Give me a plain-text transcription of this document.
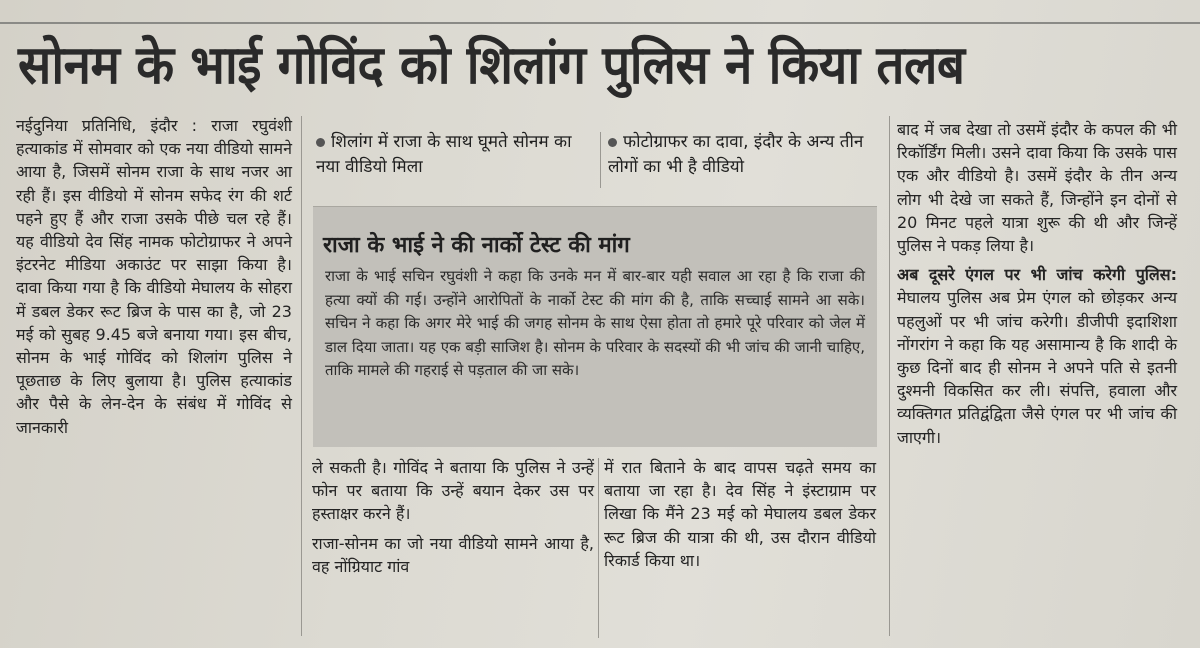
सोनम के भाई गोविंद को शिलांग पुलिस ने किया तलब
नईदुनिया प्रतिनिधि, इंदौर : राजा रघुवंशी हत्याकांड में सोमवार को एक नया वीडियो सामने आया है, जिसमें सोनम राजा के साथ नजर आ रही हैं। इस वीडियो में सोनम सफेद रंग की शर्ट पहने हुए हैं और राजा उसके पीछे चल रहे हैं। यह वीडियो देव सिंह नामक फोटोग्राफर ने अपने इंटरनेट मीडिया अकाउंट पर साझा किया है। दावा किया गया है कि वीडियो मेघालय के सोहरा में डबल डेकर रूट ब्रिज के पास का है, जो 23 मई को सुबह 9.45 बजे बनाया गया। इस बीच, सोनम के भाई गोविंद को शिलांग पुलिस ने पूछताछ के लिए बुलाया है। पुलिस हत्याकांड और पैसे के लेन-देन के संबंध में गोविंद से जानकारी
शिलांग में राजा के साथ घूमते सोनम का नया वीडियो मिला
फोटोग्राफर का दावा, इंदौर के अन्य तीन लोगों का भी है वीडियो
राजा के भाई ने की नार्को टेस्ट की मांग
राजा के भाई सचिन रघुवंशी ने कहा कि उनके मन में बार-बार यही सवाल आ रहा है कि राजा की हत्या क्यों की गई। उन्होंने आरोपितों के नार्को टेस्ट की मांग की है, ताकि सच्चाई सामने आ सके। सचिन ने कहा कि अगर मेरे भाई की जगह सोनम के साथ ऐसा होता तो हमारे पूरे परिवार को जेल में डाल दिया जाता। यह एक बड़ी साजिश है। सोनम के परिवार के सदस्यों की भी जांच की जानी चाहिए, ताकि मामले की गहराई से पड़ताल की जा सके।
ले सकती है। गोविंद ने बताया कि पुलिस ने उन्हें फोन पर बताया कि उन्हें बयान देकर उस पर हस्ताक्षर करने हैं।
राजा-सोनम का जो नया वीडियो सामने आया है, वह नोंग्रियाट गांव
में रात बिताने के बाद वापस चढ़ते समय का बताया जा रहा है। देव सिंह ने इंस्टाग्राम पर लिखा कि मैंने 23 मई को मेघालय डबल डेकर रूट ब्रिज की यात्रा की थी, उस दौरान वीडियो रिकार्ड किया था।
बाद में जब देखा तो उसमें इंदौर के कपल की भी रिकॉर्डिंग मिली। उसने दावा किया कि उसके पास एक और वीडियो है। उसमें इंदौर के तीन अन्य लोग भी देखे जा सकते हैं, जिन्होंने इन दोनों से 20 मिनट पहले यात्रा शुरू की थी और जिन्हें पुलिस ने पकड़ लिया है।
अब दूसरे एंगल पर भी जांच करेगी पुलिस: मेघालय पुलिस अब प्रेम एंगल को छोड़कर अन्य पहलुओं पर भी जांच करेगी। डीजीपी इदाशिशा नोंगरांग ने कहा कि यह असामान्य है कि शादी के कुछ दिनों बाद ही सोनम ने अपने पति से इतनी दुश्मनी विकसित कर ली। संपत्ति, हवाला और व्यक्तिगत प्रतिद्वंद्विता जैसे एंगल पर भी जांच की जाएगी।
